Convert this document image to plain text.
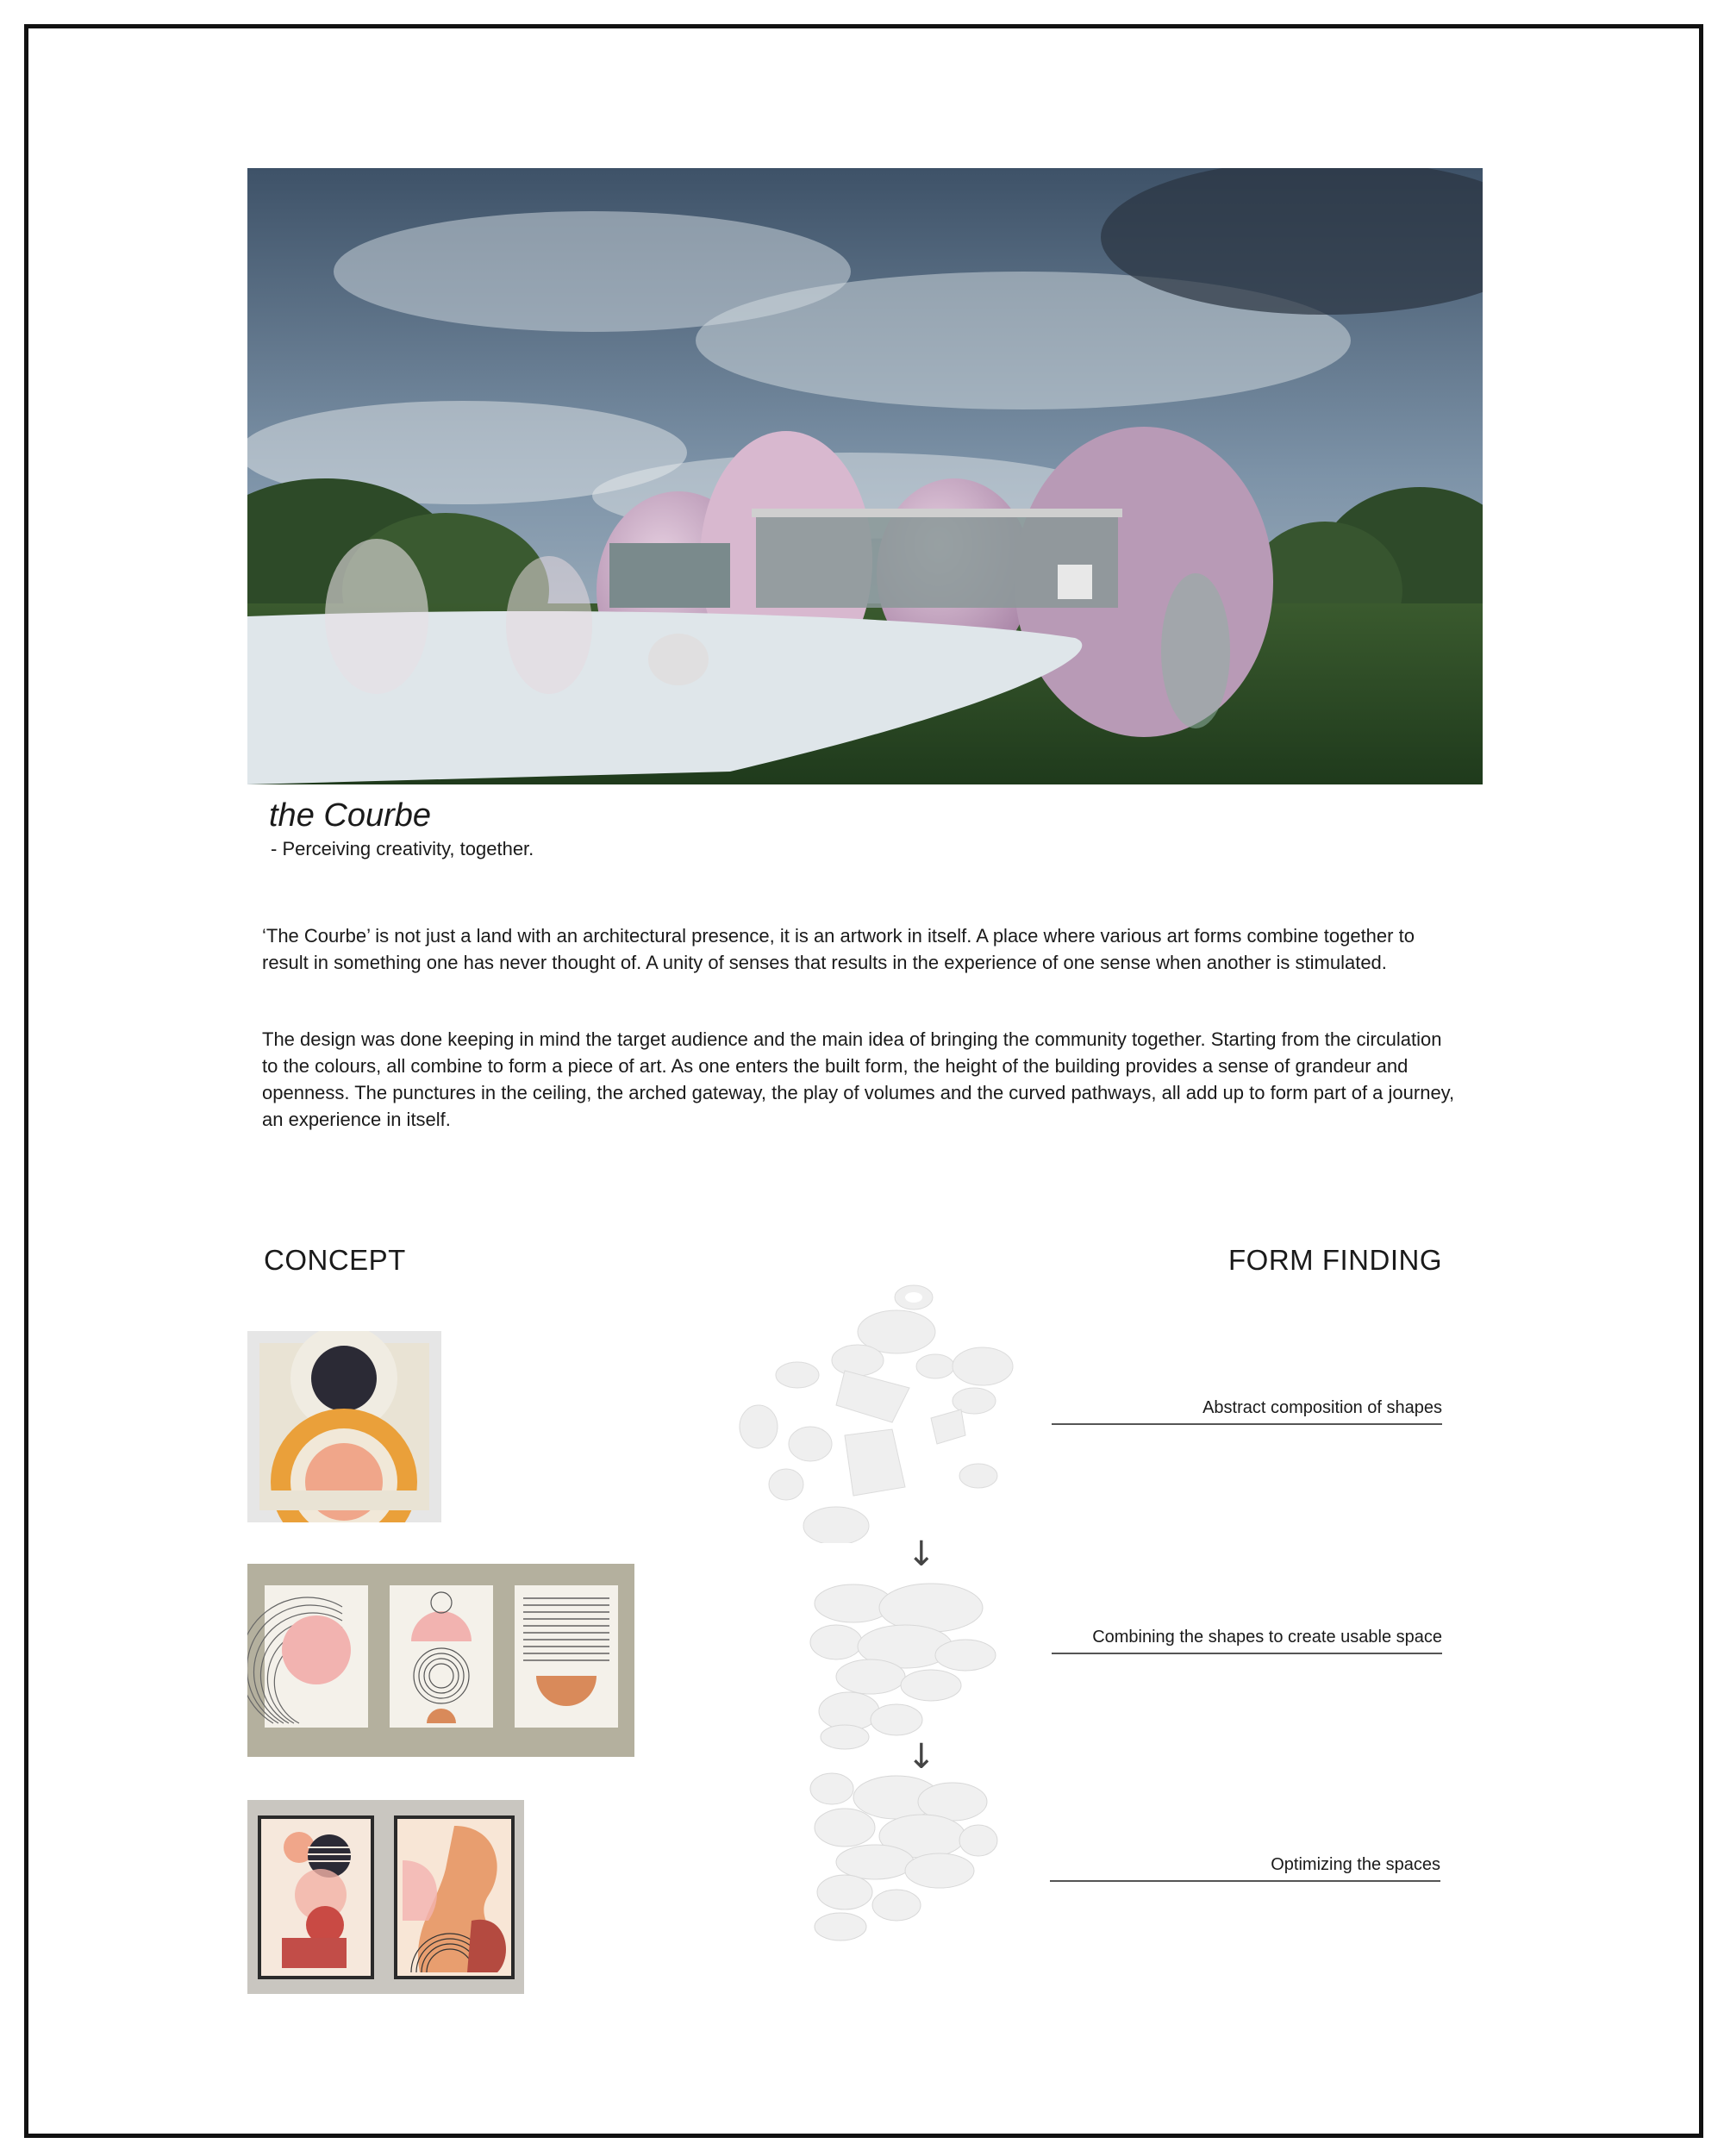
the Courbe

- Perceiving creativity, together.

‘The Courbe’ is not just a land with an architectural presence, it is an artwork in itself. A place where various art forms combine together to result in something one has never thought of. A unity of senses that results in the experience of one sense when another is stimulated.

The design was done keeping in mind the target audience and the main idea of bringing the community together. Starting from the circulation to the colours, all combine to form a piece of art. As one enters the built form, the height of the building provides a sense of grandeur and openness. The punctures in the ceiling, the arched gateway, the play of volumes and the curved pathways, all add up to form part of a journey, an experience in itself.

CONCEPT	FORM FINDING
↓
↓
Abstract composition of shapes
Combining the shapes to create usable space
Optimizing the spaces
